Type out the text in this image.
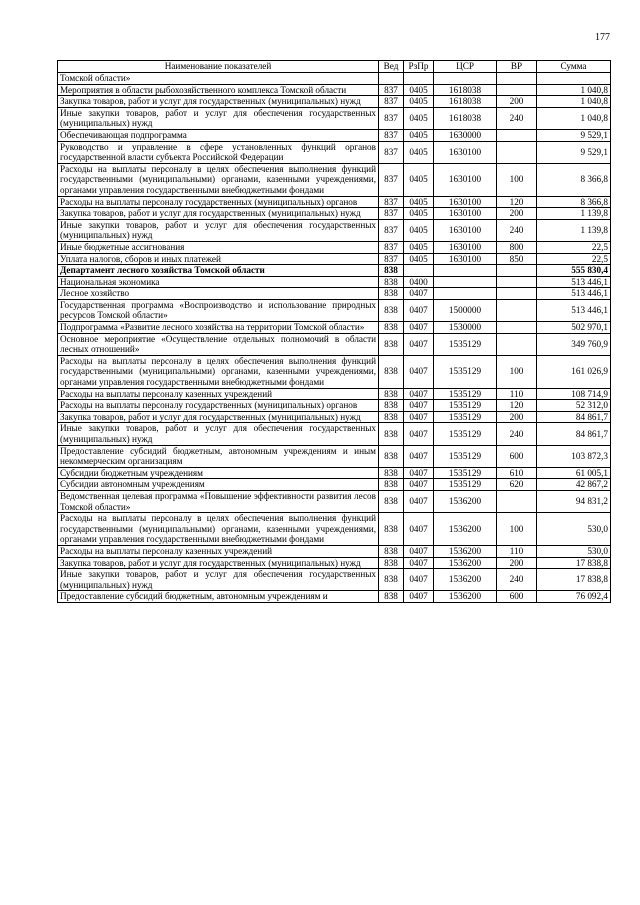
177
Наименование показателей	Вед	РзПр	ЦСР	ВР	Сумма
Томской области»					
Мероприятия в области рыбохозяйственного комплекса Томской области	837	0405	1618038		1 040,8
Закупка товаров, работ и услуг для государственных (муниципальных) нужд	837	0405	1618038	200	1 040,8
Иные закупки товаров, работ и услуг для обеспечения государственных (муниципальных) нужд	837	0405	1618038	240	1 040,8
Обеспечивающая подпрограмма	837	0405	1630000		9 529,1
Руководство и управление в сфере установленных функций органов государственной власти субъекта Российской Федерации	837	0405	1630100		9 529,1
Расходы на выплаты персоналу в целях обеспечения выполнения функций государственными (муниципальными) органами, казенными учреждениями, органами управления государственными внебюджетными фондами	837	0405	1630100	100	8 366,8
Расходы на выплаты персоналу государственных (муниципальных) органов	837	0405	1630100	120	8 366,8
Закупка товаров, работ и услуг для государственных (муниципальных) нужд	837	0405	1630100	200	1 139,8
Иные закупки товаров, работ и услуг для обеспечения государственных (муниципальных) нужд	837	0405	1630100	240	1 139,8
Иные бюджетные ассигнования	837	0405	1630100	800	22,5
Уплата налогов, сборов и иных платежей	837	0405	1630100	850	22,5
Департамент лесного хозяйства Томской области	838				555 830,4
Национальная экономика	838	0400			513 446,1
Лесное хозяйство	838	0407			513 446,1
Государственная программа «Воспроизводство и использование природных ресурсов Томской области»	838	0407	1500000		513 446,1
Подпрограмма «Развитие лесного хозяйства на территории Томской области»	838	0407	1530000		502 970,1
Основное мероприятие «Осуществление отдельных полномочий в области лесных отношений»	838	0407	1535129		349 760,9
Расходы на выплаты персоналу в целях обеспечения выполнения функций государственными (муниципальными) органами, казенными учреждениями, органами управления государственными внебюджетными фондами	838	0407	1535129	100	161 026,9
Расходы на выплаты персоналу казенных учреждений	838	0407	1535129	110	108 714,9
Расходы на выплаты персоналу государственных (муниципальных) органов	838	0407	1535129	120	52 312,0
Закупка товаров, работ и услуг для государственных (муниципальных) нужд	838	0407	1535129	200	84 861,7
Иные закупки товаров, работ и услуг для обеспечения государственных (муниципальных) нужд	838	0407	1535129	240	84 861,7
Предоставление субсидий бюджетным, автономным учреждениям и иным некоммерческим организациям	838	0407	1535129	600	103 872,3
Субсидии бюджетным учреждениям	838	0407	1535129	610	61 005,1
Субсидии автономным учреждениям	838	0407	1535129	620	42 867,2
Ведомственная целевая программа «Повышение эффективности развития лесов Томской области»	838	0407	1536200		94 831,2
Расходы на выплаты персоналу в целях обеспечения выполнения функций государственными (муниципальными) органами, казенными учреждениями, органами управления государственными внебюджетными фондами	838	0407	1536200	100	530,0
Расходы на выплаты персоналу казенных учреждений	838	0407	1536200	110	530,0
Закупка товаров, работ и услуг для государственных (муниципальных) нужд	838	0407	1536200	200	17 838,8
Иные закупки товаров, работ и услуг для обеспечения государственных (муниципальных) нужд	838	0407	1536200	240	17 838,8
Предоставление субсидий бюджетным, автономным учреждениям и	838	0407	1536200	600	76 092,4
